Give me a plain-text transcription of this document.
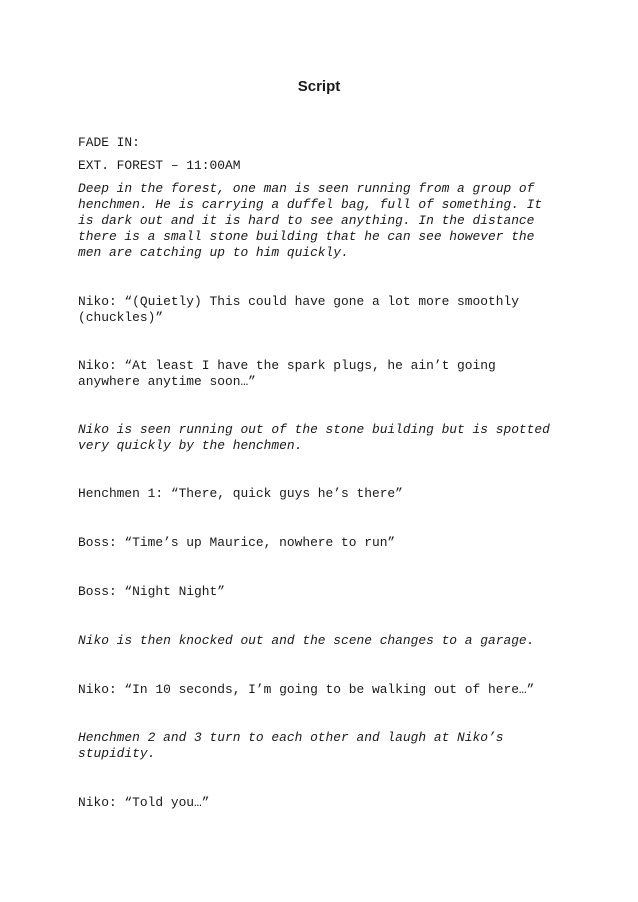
Script
FADE IN:
EXT. FOREST – 11:00AM
Deep in the forest, one man is seen running from a group of
henchmen. He is carrying a duffel bag, full of something. It
is dark out and it is hard to see anything. In the distance
there is a small stone building that he can see however the
men are catching up to him quickly.
Niko: “(Quietly) This could have gone a lot more smoothly
(chuckles)”
Niko: “At least I have the spark plugs, he ain’t going
anywhere anytime soon…”
Niko is seen running out of the stone building but is spotted
very quickly by the henchmen.
Henchmen 1: “There, quick guys he’s there”
Boss: “Time’s up Maurice, nowhere to run”
Boss: “Night Night”
Niko is then knocked out and the scene changes to a garage.
Niko: “In 10 seconds, I’m going to be walking out of here…”
Henchmen 2 and 3 turn to each other and laugh at Niko’s
stupidity.
Niko: “Told you…”
